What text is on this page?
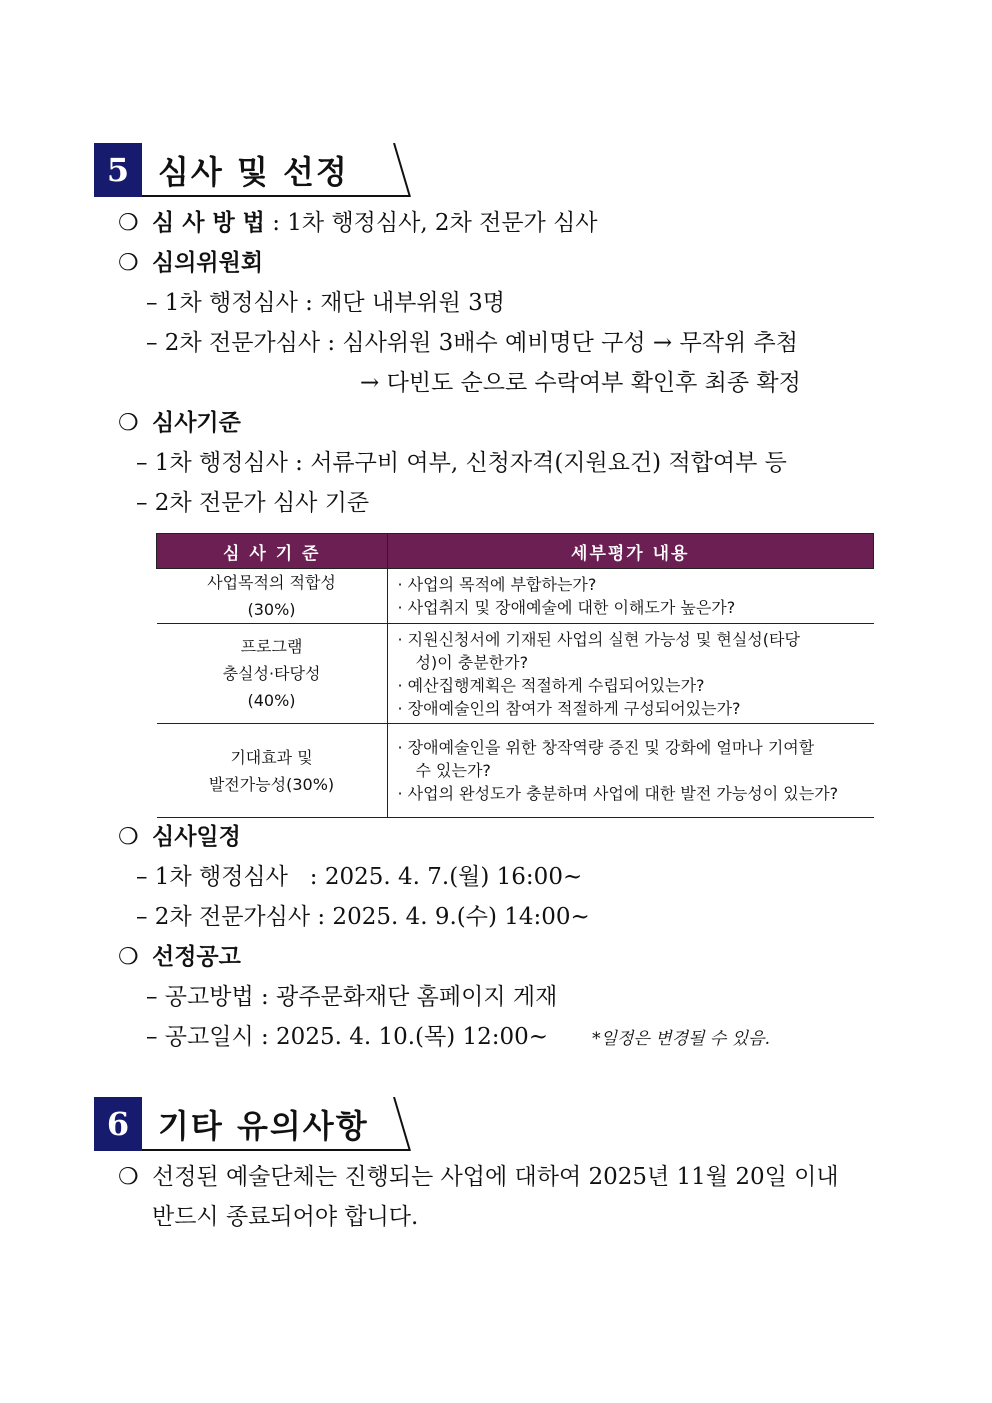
5 심사 및 선정
❍ 심 사 방 법 : 1차 행정심사, 2차 전문가 심사
❍ 심의위원회
– 1차 행정심사 : 재단 내부위원 3명
– 2차 전문가심사 : 심사위원 3배수 예비명단 구성 → 무작위 추첨
→ 다빈도 순으로 수락여부 확인후 최종 확정
❍ 심사기준
– 1차 행정심사 : 서류구비 여부, 신청자격(지원요건) 적합여부 등
– 2차 전문가 심사 기준
심 사 기 준	세부평가 내용

사업목적의 적합성
(30%)	· 사업의 목적에 부합하는가?
· 사업취지 및 장애예술에 대한 이해도가 높은가?

프로그램
충실성·타당성
(40%)	· 지원신청서에 기재된 사업의 실현 가능성 및 현실성(타당성)이 충분한가?
· 예산집행계획은 적절하게 수립되어있는가?
· 장애예술인의 참여가 적절하게 구성되어있는가?

기대효과 및
발전가능성(30%)	· 장애예술인을 위한 창작역량 증진 및 강화에 얼마나 기여할 수 있는가?
· 사업의 완성도가 충분하며 사업에 대한 발전 가능성이 있는가?
❍ 심사일정
– 1차 행정심사   : 2025. 4. 7.(월) 16:00~
– 2차 전문가심사 : 2025. 4. 9.(수) 14:00~
❍ 선정공고
– 공고방법 : 광주문화재단 홈페이지 게재
– 공고일시 : 2025. 4. 10.(목) 12:00~	*일정은 변경될 수 있음.
6 기타 유의사항
❍ 선정된 예술단체는 진행되는 사업에 대하여 2025년 11월 20일 이내
반드시 종료되어야 합니다.
